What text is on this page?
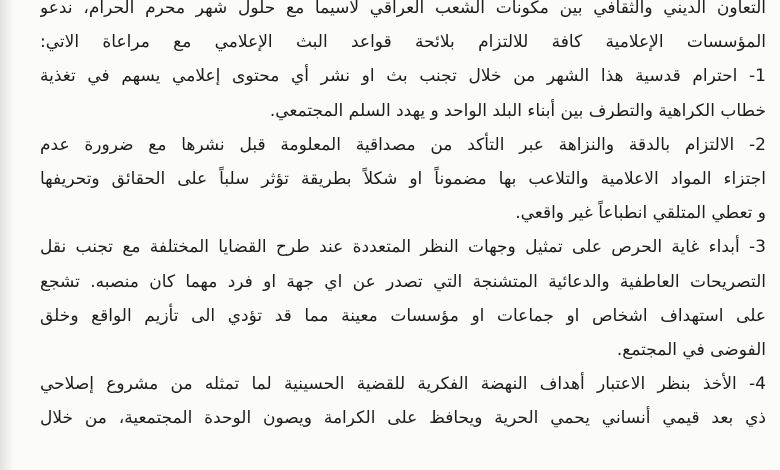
التعاون الديني والثقافي بين مكونات الشعب العراقي لاسيما مع حلول شهر محرم الحرام، ندعو
المؤسسات الإعلامية كافة للالتزام بلائحة قواعد البث الإعلامي مع مراعاة الاتي:
1- احترام قدسية هذا الشهر من خلال تجنب بث او نشر أي محتوى إعلامي يسهم في تغذية
خطاب الكراهية والتطرف بين أبناء البلد الواحد و يهدد السلم المجتمعي.
2- الالتزام بالدقة والنزاهة عبر التأكد من مصداقية المعلومة قبل نشرها مع ضرورة عدم
اجتزاء المواد الاعلامية والتلاعب بها مضموناً او شكلاً بطريقة تؤثر سلباً على الحقائق وتحريفها
و تعطي المتلقي انطباعاً غير واقعي.
3- أبداء غاية الحرص على تمثيل وجهات النظر المتعددة عند طرح القضايا المختلفة مع تجنب نقل
التصريحات العاطفية والدعائية المتشنجة التي تصدر عن اي جهة او فرد مهما كان منصبه. تشجع
على استهداف اشخاص او جماعات او مؤسسات معينة مما قد تؤدي الى تأزيم الواقع وخلق
الفوضى في المجتمع.
4- الأخذ بنظر الاعتبار أهداف النهضة الفكرية للقضية الحسينية لما تمثله من مشروع إصلاحي
ذي بعد قيمي أنساني يحمي الحرية ويحافظ على الكرامة ويصون الوحدة المجتمعية، من خلال
